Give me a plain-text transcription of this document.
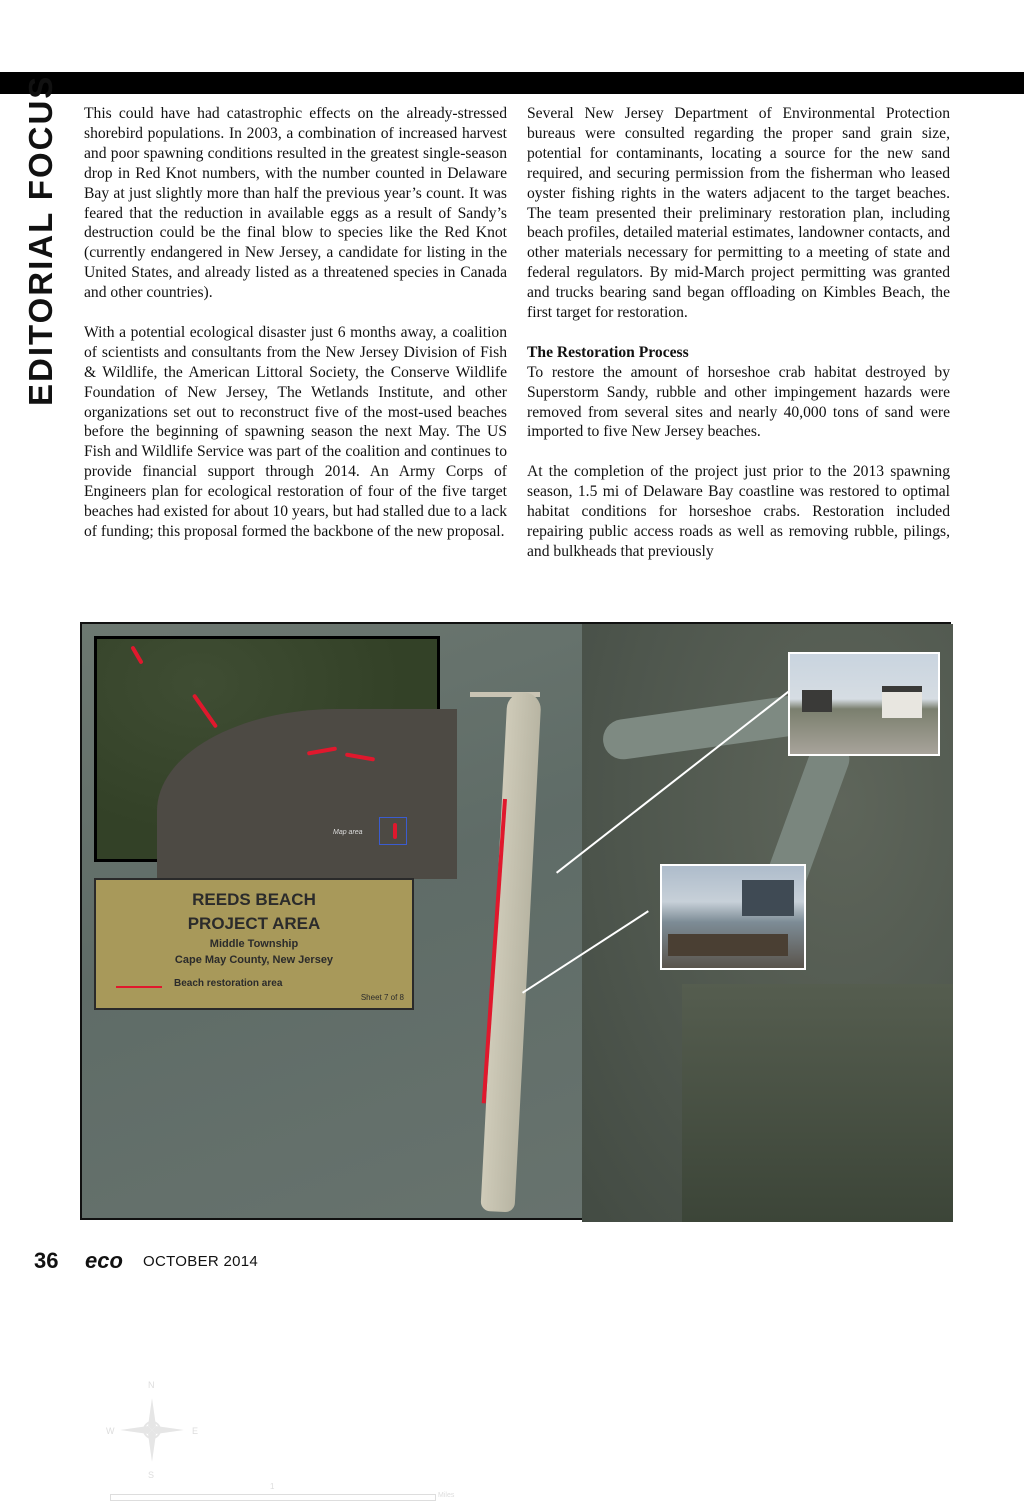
EDITORIAL FOCUS This could have had catastrophic effects on the already-stressed shorebird populations. In 2003, a combination of increased harvest and poor spawning conditions resulted in the greatest single-season drop in Red Knot numbers, with the number counted in Delaware Bay at just slightly more than half the previous year’s count. It was feared that the reduction in available eggs as a result of Sandy’s destruction could be the final blow to species like the Red Knot (currently endangered in New Jersey, a candidate for listing in the United States, and already listed as a threatened species in Canada and other countries).

With a potential ecological disaster just 6 months away, a coalition of scientists and consultants from the New Jersey Division of Fish & Wildlife, the American Littoral Society, the Conserve Wildlife Foundation of New Jersey, The Wetlands Institute, and other organizations set out to reconstruct five of the most-used beaches before the beginning of spawning season the next May. The US Fish and Wildlife Service was part of the coalition and continues to provide financial support through 2014. An Army Corps of Engineers plan for ecological restoration of four of the five target beaches had existed for about 10 years, but had stalled due to a lack of funding; this proposal formed the backbone of the new proposal.

Several New Jersey Department of Environmental Protection bureaus were consulted regarding the proper sand grain size, potential for contaminants, locating a source for the new sand required, and securing permission from the fisherman who leased oyster fishing rights in the waters adjacent to the target beaches. The team presented their preliminary restoration plan, including beach profiles, detailed material estimates, landowner contacts, and other materials necessary for permitting to a meeting of state and federal regulators. By mid-March project permitting was granted and trucks bearing sand began offloading on Kimbles Beach, the first target for restoration.

The Restoration Process

To restore the amount of horseshoe crab habitat destroyed by Superstorm Sandy, rubble and other impingement hazards were removed from several sites and nearly 40,000 tons of sand were imported to five New Jersey beaches.

At the completion of the project just prior to the 2013 spawning season, 1.5 mi of Delaware Bay coastline was restored to optimal habitat conditions for horseshoe crabs. Restoration included repairing public access roads as well as removing rubble, pilings, and bulkheads that previously

Map area
REEDS BEACH
PROJECT AREA
Middle Township
Cape May County, New Jersey
Beach restoration area
Sheet 7 of 8
N
S
W	E
1
Miles
36 eco OCTOBER 2014
